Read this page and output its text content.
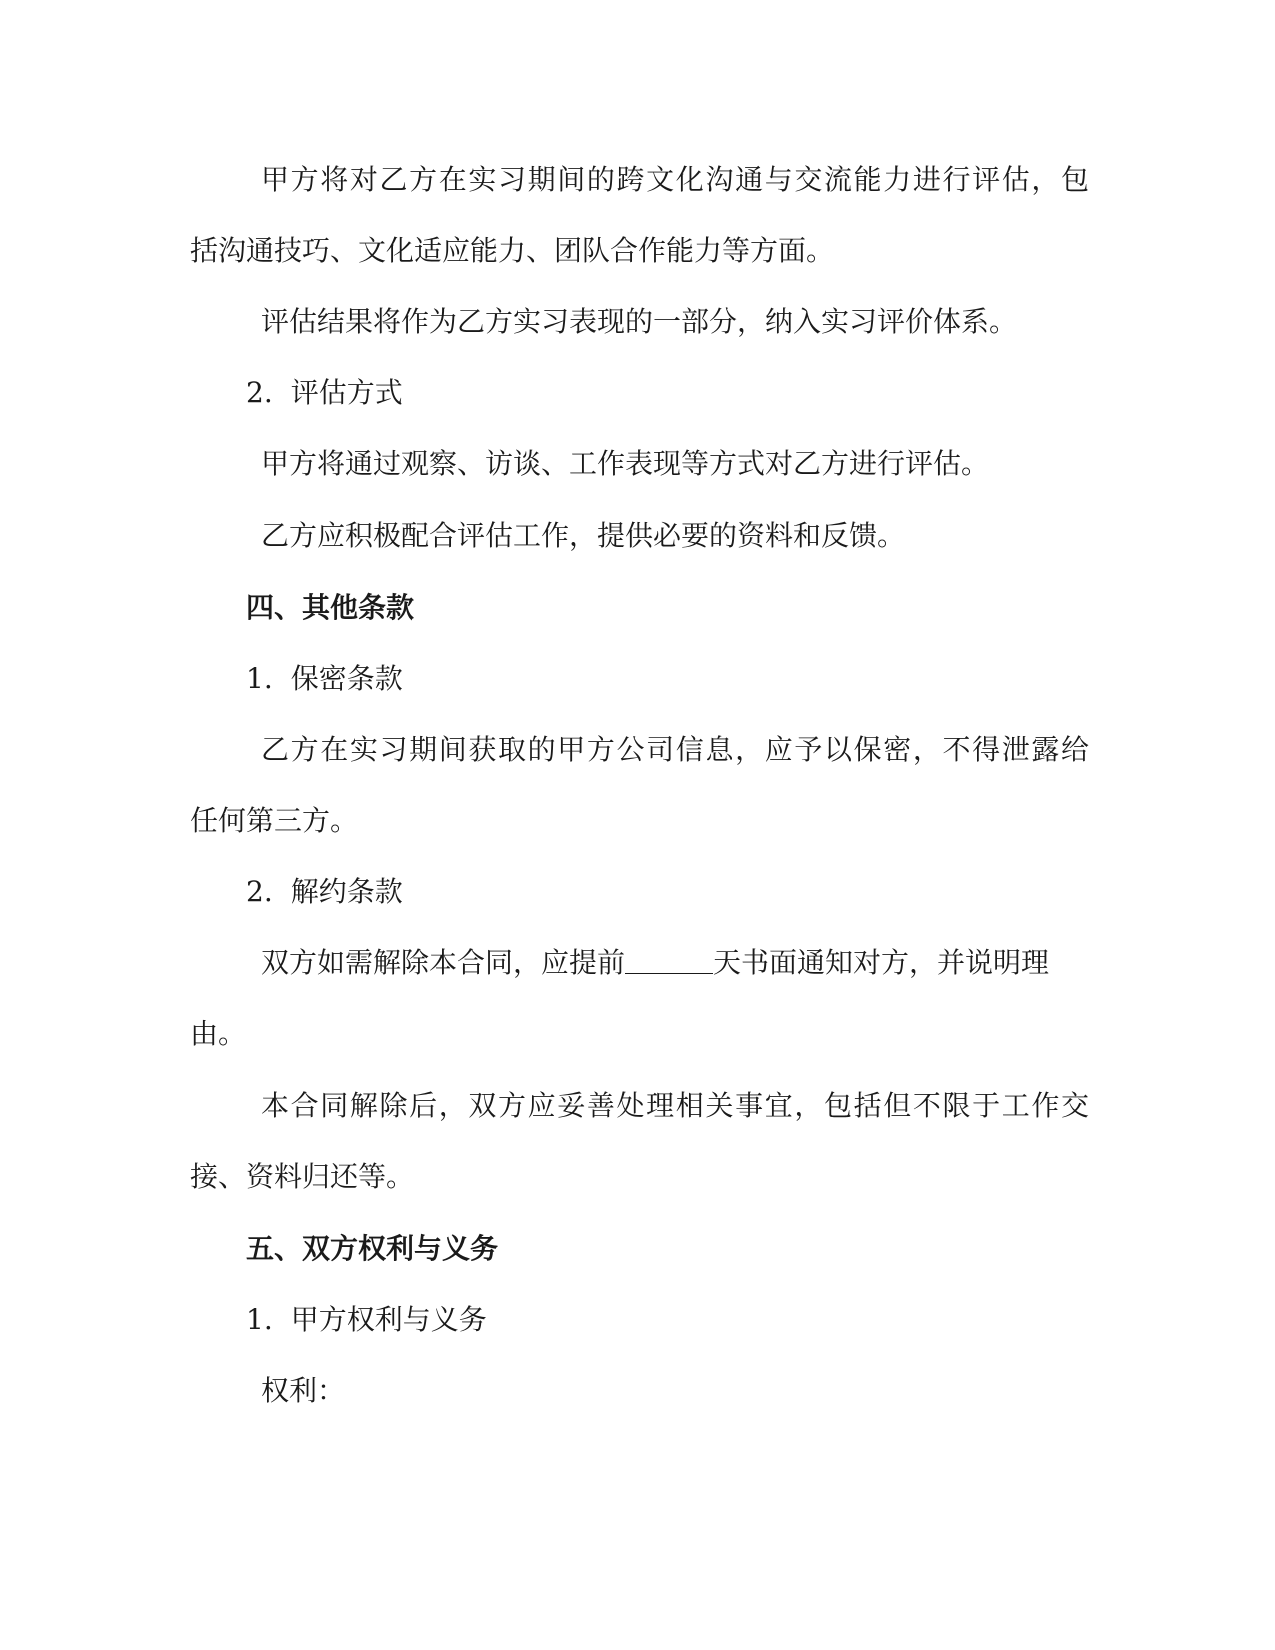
甲方将对乙方在实习期间的跨文化沟通与交流能力进行评估，包

括沟通技巧、文化适应能力、团队合作能力等方面。

评估结果将作为乙方实习表现的一部分，纳入实习评价体系。

2. 评估方式

甲方将通过观察、访谈、工作表现等方式对乙方进行评估。

乙方应积极配合评估工作，提供必要的资料和反馈。

四、其他条款

1. 保密条款

乙方在实习期间获取的甲方公司信息，应予以保密，不得泄露给

任何第三方。

2. 解约条款

双方如需解除本合同，应提前	天书面通知对方，并说明理

由。

本合同解除后，双方应妥善处理相关事宜，包括但不限于工作交

接、资料归还等。

五、双方权利与义务

1. 甲方权利与义务

权利：
